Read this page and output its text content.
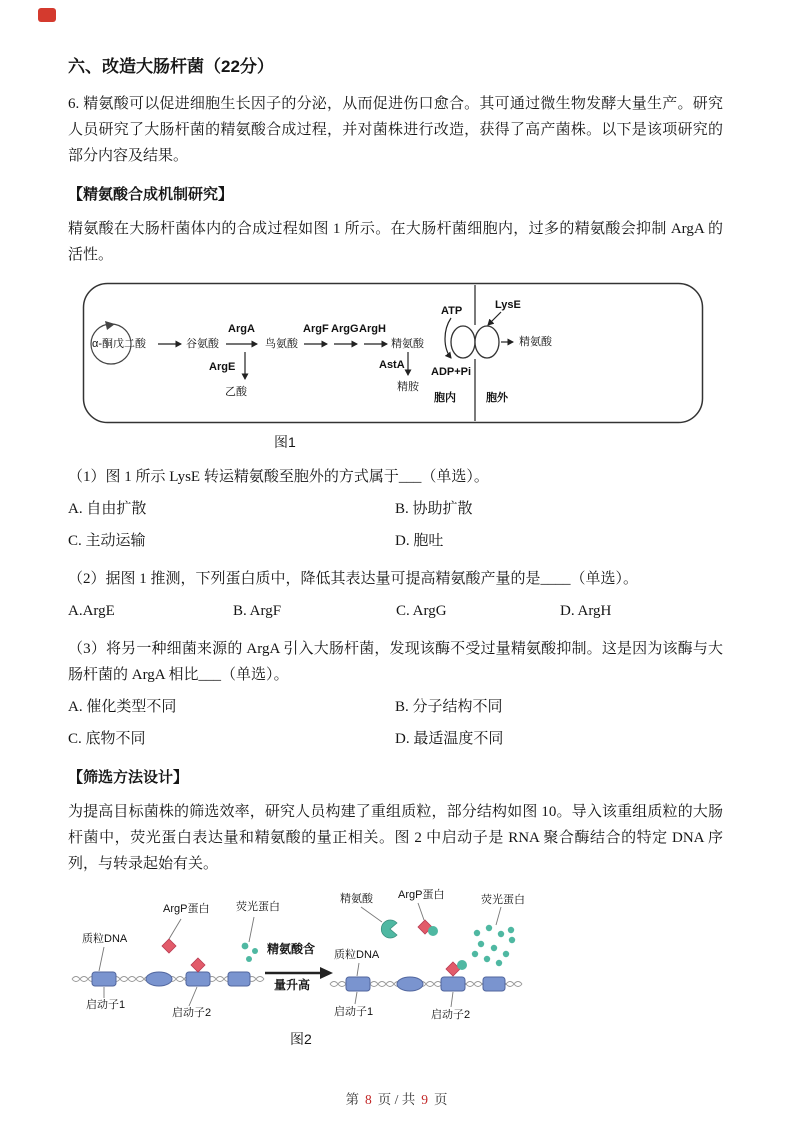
六、改造大肠杆菌（22分）

6. 精氨酸可以促进细胞生长因子的分泌，从而促进伤口愈合。其可通过微生物发酵大量生产。研究人员研究了大肠杆菌的精氨酸合成过程，并对菌株进行改造，获得了高产菌株。以下是该项研究的部分内容及结果。

【精氨酸合成机制研究】

精氨酸在大肠杆菌体内的合成过程如图 1 所示。在大肠杆菌细胞内，过多的精氨酸会抑制 ArgA 的活性。

α-酮戊二酸	谷氨酸
ArgA
ArgE
乙酸
鸟氨酸
ArgF ArgG ArgH
精氨酸
AstA
精胺
ATP
ADP+Pi
LysE
精氨酸
胞内	胞外
图1

（1）图 1 所示 LysE 转运精氨酸至胞外的方式属于___（单选）。

A. 自由扩散	B. 协助扩散
C. 主动运输	D. 胞吐

（2）据图 1 推测，下列蛋白质中，降低其表达量可提高精氨酸产量的是____（单选）。

A.ArgE	B. ArgF	C. ArgG	D. ArgH

（3）将另一种细菌来源的 ArgA 引入大肠杆菌，发现该酶不受过量精氨酸抑制。这是因为该酶与大肠杆菌的 ArgA 相比___（单选）。

A. 催化类型不同	B. 分子结构不同
C. 底物不同	D. 最适温度不同

【筛选方法设计】

为提高目标菌株的筛选效率，研究人员构建了重组质粒，部分结构如图 10。导入该重组质粒的大肠杆菌中，荧光蛋白表达量和精氨酸的量正相关。图 2 中启动子是 RNA 聚合酶结合的特定 DNA 序列，与转录起始有关。

质粒DNA
ArgP蛋白 荧光蛋白
启动子1
启动子2
精氨酸含
量升高
精氨酸 ArgP蛋白	荧光蛋白
质粒DNA
启动子1	启动子2
图2
第 8 页 / 共 9 页
